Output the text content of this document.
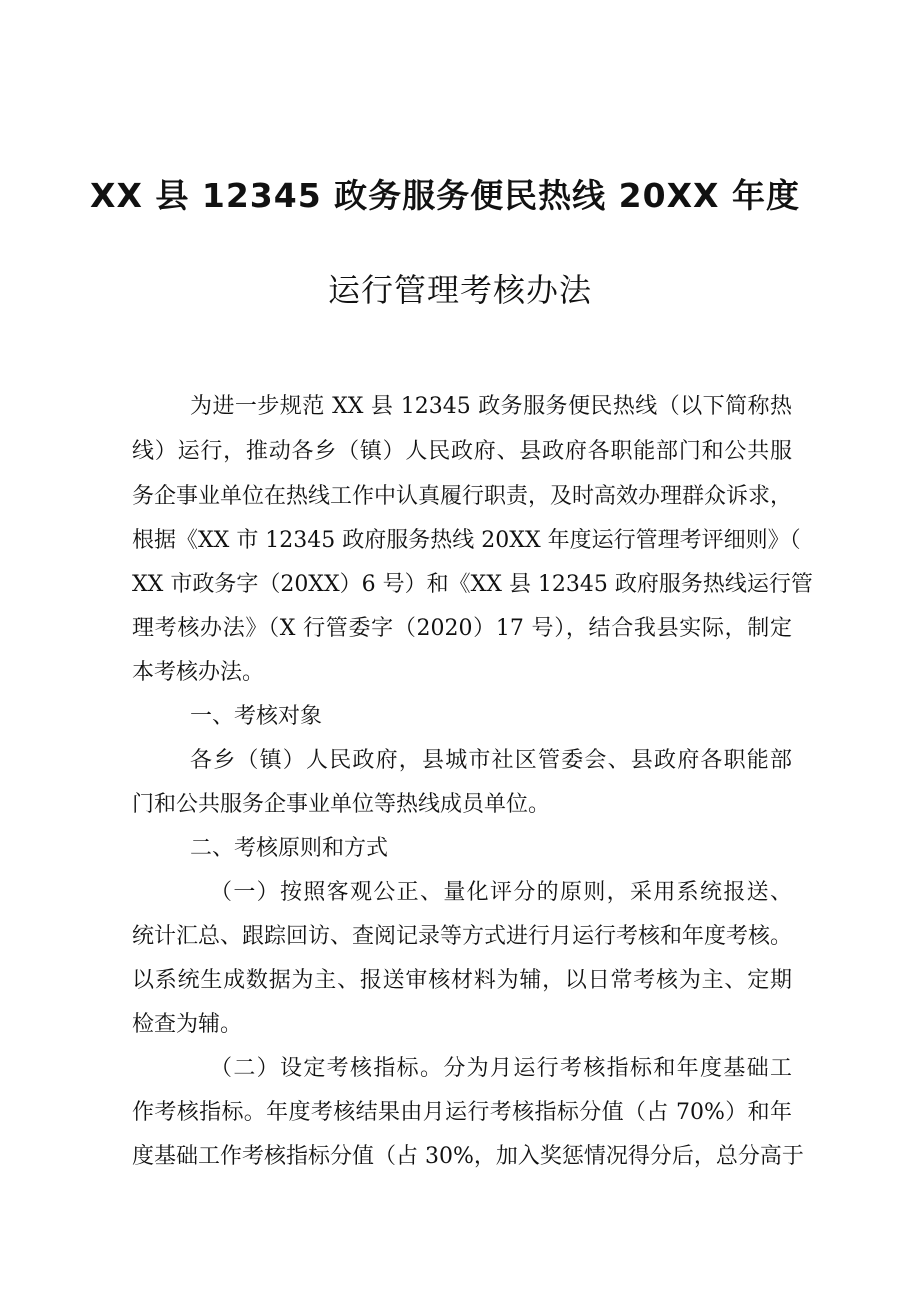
XX 县 12345 政务服务便民热线 20XX 年度
运行管理考核办法
为进一步规范 XX 县 12345 政务服务便民热线（以下简称热
线）运行，推动各乡（镇）人民政府、县政府各职能部门和公共服
务企事业单位在热线工作中认真履行职责，及时高效办理群众诉求，
根据《XX 市 12345 政府服务热线 20XX 年度运行管理考评细则》（
XX 市政务字（20XX）6 号）和《XX 县 12345 政府服务热线运行管
理考核办法》（X 行管委字（2020）17 号），结合我县实际，制定
本考核办法。
一、考核对象
各乡（镇）人民政府，县城市社区管委会、县政府各职能部
门和公共服务企事业单位等热线成员单位。
二、考核原则和方式
（一）按照客观公正、量化评分的原则，采用系统报送、
统计汇总、跟踪回访、查阅记录等方式进行月运行考核和年度考核。
以系统生成数据为主、报送审核材料为辅，以日常考核为主、定期
检查为辅。
（二）设定考核指标。分为月运行考核指标和年度基础工
作考核指标。年度考核结果由月运行考核指标分值（占 70%）和年
度基础工作考核指标分值（占 30%，加入奖惩情况得分后，总分高于
